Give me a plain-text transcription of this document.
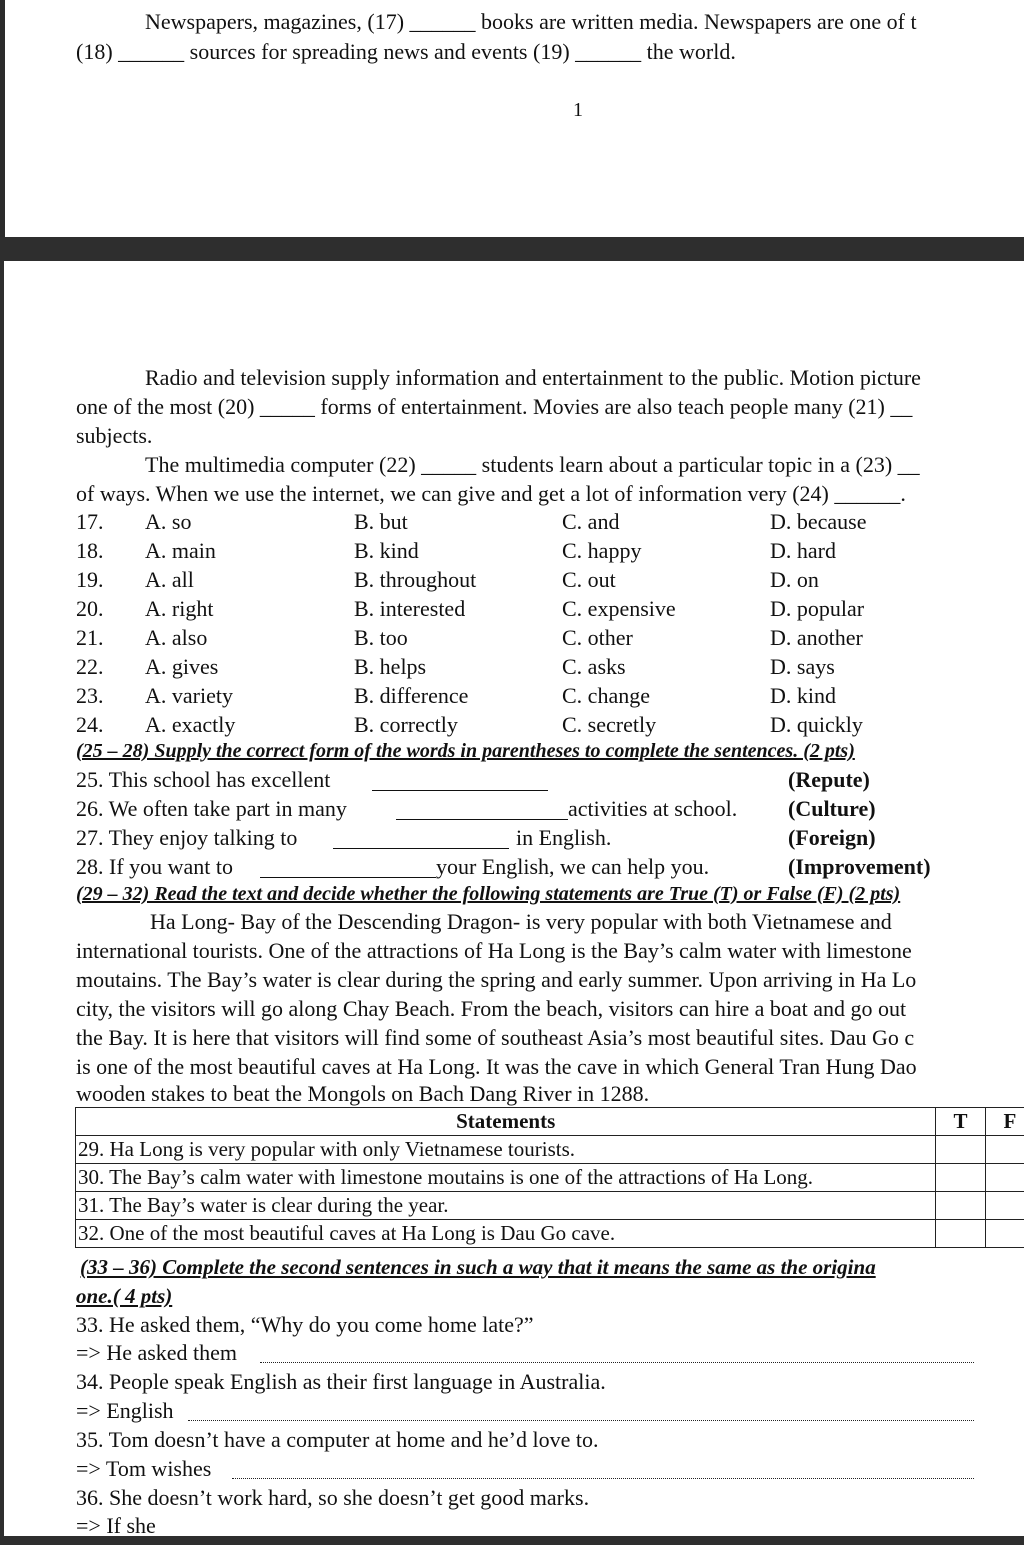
Newspapers, magazines, (17) ______ books are written media. Newspapers are one of t
(18) ______ sources for spreading news and events (19) ______ the world.
1
Radio and television supply information and entertainment to the public. Motion picture
one of the most (20) _____ forms of entertainment. Movies are also teach people many (21) __
subjects.
The multimedia computer (22) _____ students learn about a particular topic in a (23) __
of ways. When we use the internet, we can give and get a lot of information very (24) ______.
17. A. so	B. but	C. and	D. because
18. A. main	B. kind	C. happy	D. hard
19. A. all	B. throughout	C. out	D. on
20. A. right	B. interested	C. expensive	D. popular
21. A. also	B. too	C. other	D. another
22. A. gives	B. helps	C. asks	D. says
23. A. variety	B. difference	C. change	D. kind
24. A. exactly	B. correctly	C. secretly	D. quickly
(25 – 28) Supply the correct form of the words in parentheses to complete the sentences. (2 pts)
25. This school has excellent	(Repute)
26. We often take part in many	activities at school. (Culture)
27. They enjoy talking to	in English.	(Foreign)
28. If you want to	your English, we can help you.	(Improvement)
(29 – 32) Read the text and decide whether the following statements are True (T) or False (F) (2 pts)
Ha Long- Bay of the Descending Dragon- is very popular with both Vietnamese and
international tourists. One of the attractions of Ha Long is the Bay’s calm water with limestone
moutains. The Bay’s water is clear during the spring and early summer. Upon arriving in Ha Lo
city, the visitors will go along Chay Beach. From the beach, visitors can hire a boat and go out
the Bay. It is here that visitors will find some of southeast Asia’s most beautiful sites. Dau Go c
is one of the most beautiful caves at Ha Long. It was the cave in which General Tran Hung Dao
wooden stakes to beat the Mongols on Bach Dang River in 1288.
Statements	T	F
29. Ha Long is very popular with only Vietnamese tourists.		
30. The Bay’s calm water with limestone moutains is one of the attractions of Ha Long.		
31. The Bay’s water is clear during the year.		
32. One of the most beautiful caves at Ha Long is Dau Go cave.		
(33 – 36) Complete the second sentences in such a way that it means the same as the origina
one.( 4 pts)
33. He asked them, “Why do you come home late?”
=> He asked them
34. People speak English as their first language in Australia.
=> English
35. Tom doesn’t have a computer at home and he’d love to.
=> Tom wishes
36. She doesn’t work hard, so she doesn’t get good marks.
=> If she
